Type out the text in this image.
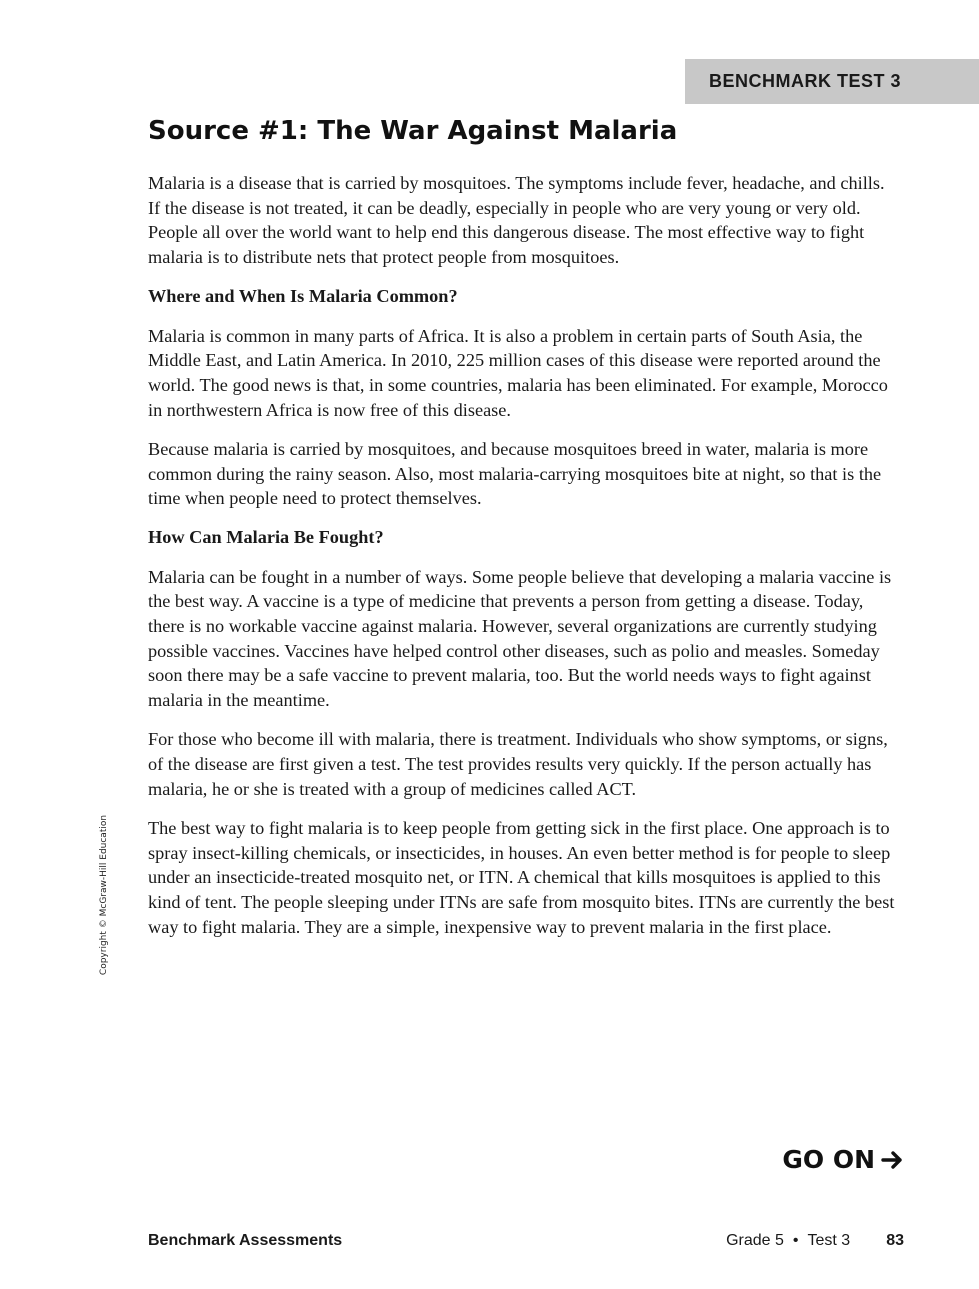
BENCHMARK TEST 3
Source #1: The War Against Malaria

Malaria is a disease that is carried by mosquitoes. The symptoms include fever, headache, and chills. If the disease is not treated, it can be deadly, especially in people who are very young or very old. People all over the world want to help end this dangerous disease. The most effective way to fight malaria is to distribute nets that protect people from mosquitoes.

Where and When Is Malaria Common?

Malaria is common in many parts of Africa. It is also a problem in certain parts of South Asia, the Middle East, and Latin America. In 2010, 225 million cases of this disease were reported around the world. The good news is that, in some countries, malaria has been eliminated. For example, Morocco in northwestern Africa is now free of this disease.

Because malaria is carried by mosquitoes, and because mosquitoes breed in water, malaria is more common during the rainy season. Also, most malaria-carrying mosquitoes bite at night, so that is the time when people need to protect themselves.

How Can Malaria Be Fought?

Malaria can be fought in a number of ways. Some people believe that developing a malaria vaccine is the best way. A vaccine is a type of medicine that prevents a person from getting a disease. Today, there is no workable vaccine against malaria. However, several organizations are currently studying possible vaccines. Vaccines have helped control other diseases, such as polio and measles. Someday soon there may be a safe vaccine to prevent malaria, too. But the world needs ways to fight against malaria in the meantime.

For those who become ill with malaria, there is treatment. Individuals who show symptoms, or signs, of the disease are first given a test. The test provides results very quickly. If the person actually has malaria, he or she is treated with a group of medicines called ACT.

The best way to fight malaria is to keep people from getting sick in the first place. One approach is to spray insect-killing chemicals, or insecticides, in houses. An even better method is for people to sleep under an insecticide-treated mosquito net, or ITN. A chemical that kills mosquitoes is applied to this kind of tent. The people sleeping under ITNs are safe from mosquito bites. ITNs are currently the best way to fight malaria. They are a simple, inexpensive way to prevent malaria in the first place.

Copyright © McGraw-Hill Education
GO ON
Benchmark Assessments	Grade 5 • Test 3 83
